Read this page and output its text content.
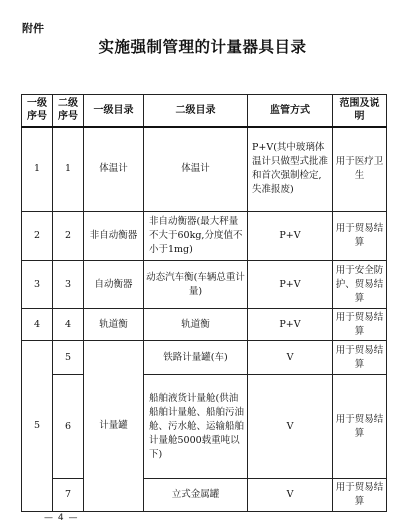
附件
实施强制管理的计量器具目录
一级序号	二级序号	一级目录	二级目录	监管方式	范围及说明
1	1	体温计	体温计	P+V(其中玻璃体温计只做型式批准和首次强制检定,失准报废)	用于医疗卫生
2	2	非自动衡器	非自动衡器(最大秤量不大于60kg,分度值不小于1mg)	P+V	用于贸易结算
3	3	自动衡器	动态汽车衡(车辆总重计量)	P+V	用于安全防护、贸易结算
4	4	轨道衡	轨道衡	P+V	用于贸易结算
5	5	计量罐	铁路计量罐(车)	V	用于贸易结算
	6		船舶液货计量舱(供油船舶计量舱、船舶污油舱、污水舱、运输船舶计量舱5000载重吨以下)	V	用于贸易结算
	7		立式金属罐	V	用于贸易结算
— 4 —
